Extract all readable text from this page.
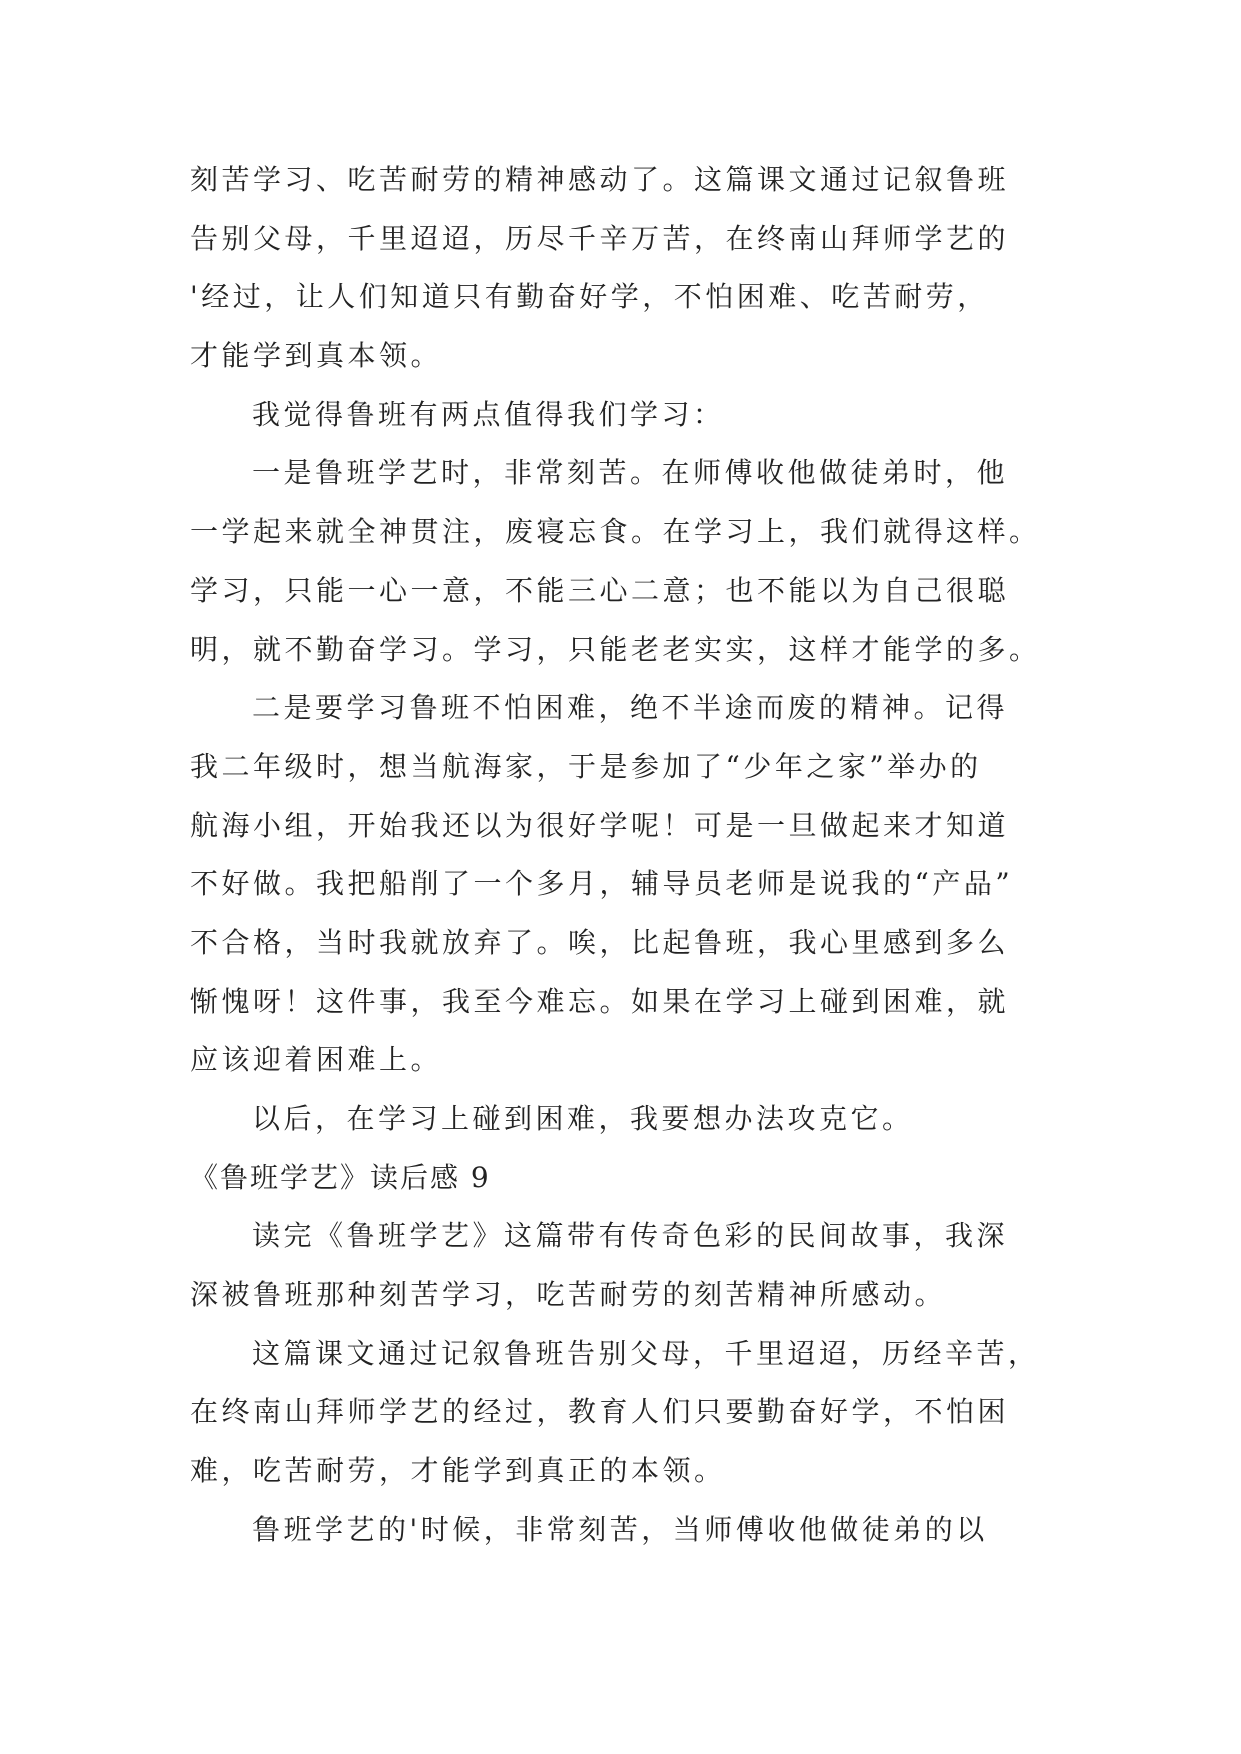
刻苦学习、吃苦耐劳的精神感动了。这篇课文通过记叙鲁班
告别父母，千里迢迢，历尽千辛万苦，在终南山拜师学艺的
'经过，让人们知道只有勤奋好学，不怕困难、吃苦耐劳，
才能学到真本领。
我觉得鲁班有两点值得我们学习：
一是鲁班学艺时，非常刻苦。在师傅收他做徒弟时，他
一学起来就全神贯注，废寝忘食。在学习上，我们就得这样。
学习，只能一心一意，不能三心二意；也不能以为自己很聪
明，就不勤奋学习。学习，只能老老实实，这样才能学的多。
二是要学习鲁班不怕困难，绝不半途而废的精神。记得
我二年级时，想当航海家，于是参加了“少年之家”举办的
航海小组，开始我还以为很好学呢！可是一旦做起来才知道
不好做。我把船削了一个多月，辅导员老师是说我的“产品”
不合格，当时我就放弃了。唉，比起鲁班，我心里感到多么
惭愧呀！这件事，我至今难忘。如果在学习上碰到困难，就
应该迎着困难上。
以后，在学习上碰到困难，我要想办法攻克它。
《鲁班学艺》读后感 9
读完《鲁班学艺》这篇带有传奇色彩的民间故事，我深
深被鲁班那种刻苦学习，吃苦耐劳的刻苦精神所感动。
这篇课文通过记叙鲁班告别父母，千里迢迢，历经辛苦，
在终南山拜师学艺的经过，教育人们只要勤奋好学，不怕困
难，吃苦耐劳，才能学到真正的本领。
鲁班学艺的'时候，非常刻苦，当师傅收他做徒弟的以
